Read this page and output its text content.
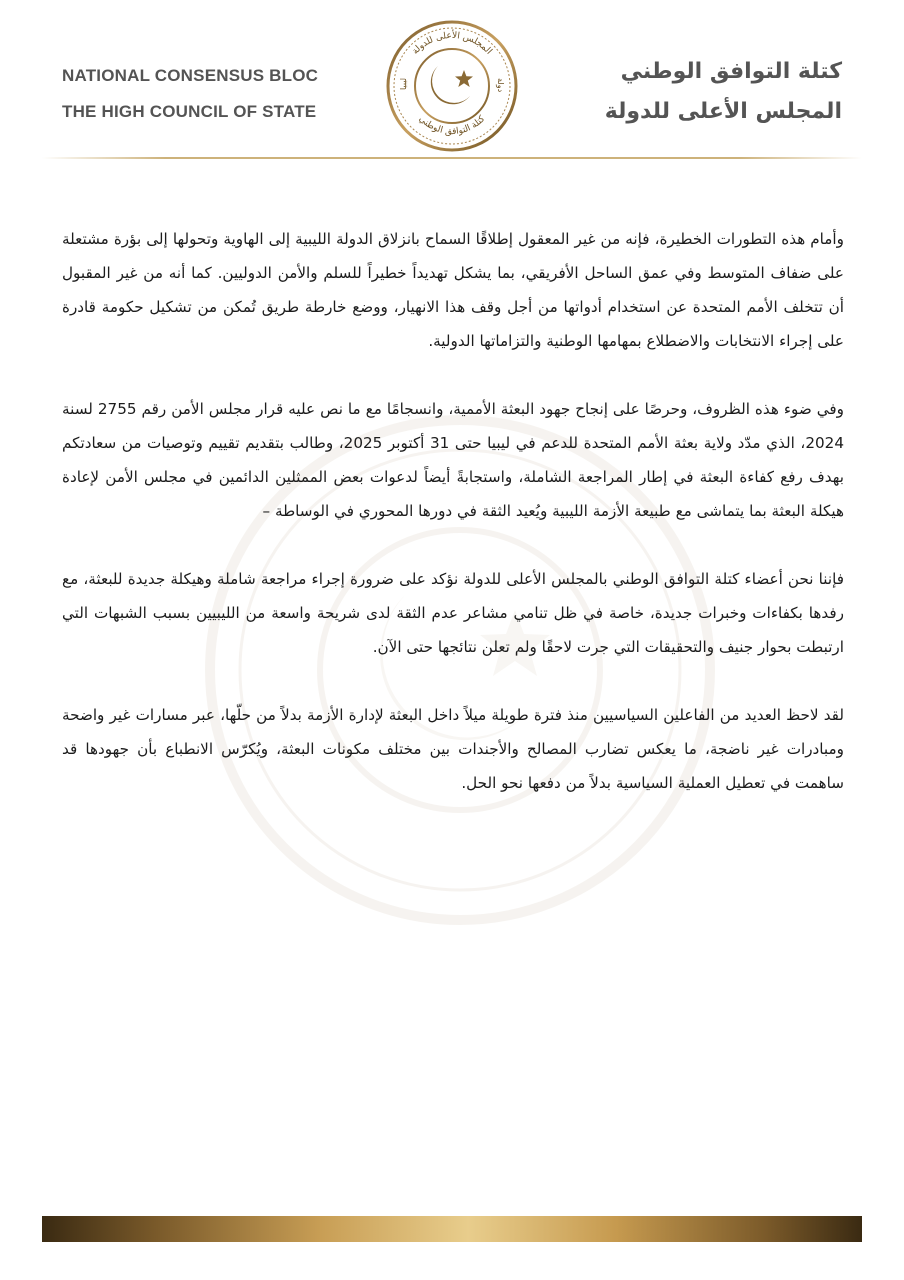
NATIONAL CONSENSUS BLOC
THE HIGH COUNCIL OF STATE
المجلس الأعلى للدولة
كتلة التوافق الوطني
ليبيا	دولة
كتلة التوافق الوطني
المجلس الأعلى للدولة

وأمام هذه التطورات الخطيرة، فإنه من غير المعقول إطلاقًا السماح بانزلاق الدولة الليبية إلى الهاوية وتحولها إلى بؤرة مشتعلة على ضفاف المتوسط وفي عمق الساحل الأفريقي، بما يشكل تهديداً خطيراً للسلم والأمن الدوليين. كما أنه من غير المقبول أن تتخلف الأمم المتحدة عن استخدام أدواتها من أجل وقف هذا الانهيار، ووضع خارطة طريق تُمكن من تشكيل حكومة قادرة على إجراء الانتخابات والاضطلاع بمهامها الوطنية والتزاماتها الدولية.

وفي ضوء هذه الظروف، وحرصًا على إنجاح جهود البعثة الأممية، وانسجامًا مع ما نص عليه قرار مجلس الأمن رقم 2755 لسنة 2024، الذي مدّد ولاية بعثة الأمم المتحدة للدعم في ليبيا حتى 31 أكتوبر 2025، وطالب بتقديم تقييم وتوصيات من سعادتكم بهدف رفع كفاءة البعثة في إطار المراجعة الشاملة، واستجابةً أيضاً لدعوات بعض الممثلين الدائمين في مجلس الأمن لإعادة هيكلة البعثة بما يتماشى مع طبيعة الأزمة الليبية ويُعيد الثقة في دورها المحوري في الوساطة –

فإننا نحن أعضاء كتلة التوافق الوطني بالمجلس الأعلى للدولة نؤكد على ضرورة إجراء مراجعة شاملة وهيكلة جديدة للبعثة، مع رفدها بكفاءات وخبرات جديدة، خاصة في ظل تنامي مشاعر عدم الثقة لدى شريحة واسعة من الليبيين بسبب الشبهات التي ارتبطت بحوار جنيف والتحقيقات التي جرت لاحقًا ولم تعلن نتائجها حتى الآن.

لقد لاحظ العديد من الفاعلين السياسيين منذ فترة طويلة ميلاً داخل البعثة لإدارة الأزمة بدلاً من حلّها، عبر مسارات غير واضحة ومبادرات غير ناضجة، ما يعكس تضارب المصالح والأجندات بين مختلف مكونات البعثة، ويُكرّس الانطباع بأن جهودها قد ساهمت في تعطيل العملية السياسية بدلاً من دفعها نحو الحل.
